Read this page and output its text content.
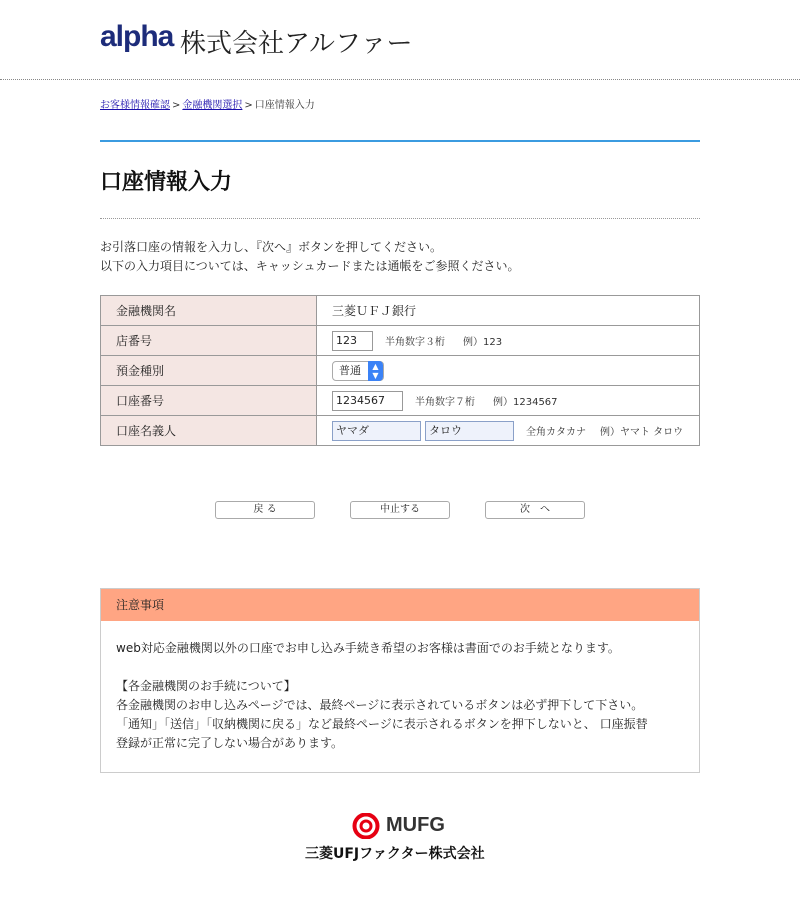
alpha 株式会社アルファー
お客様情報確認 > 金融機関選択 > 口座情報入力
口座情報入力
お引落口座の情報を入力し、『次へ』ボタンを押してください。
以下の入力項目については、キャッシュカードまたは通帳をご参照ください。
金融機関名	三菱ＵＦＪ銀行
店番号	123 半角数字３桁 例）123
預金種別	普通 ▲
▼

口座番号	1234567 半角数字７桁 例）1234567
口座名義人	ヤマダ タロウ 全角カタカナ 例）ヤマト タロウ
戻 る	中止する	次　へ
注意事項
web対応金融機関以外の口座でお申し込み手続き希望のお客様は書面でのお手続となります。
【各金融機関のお手続について】
各金融機関のお申し込みページでは、最終ページに表示されているボタンは必ず押下して下さい。
「通知」「送信」「収納機関に戻る」など最終ページに表示されるボタンを押下しないと、 口座振替
登録が正常に完了しない場合があります。
MUFG
三菱UFJファクター株式会社
